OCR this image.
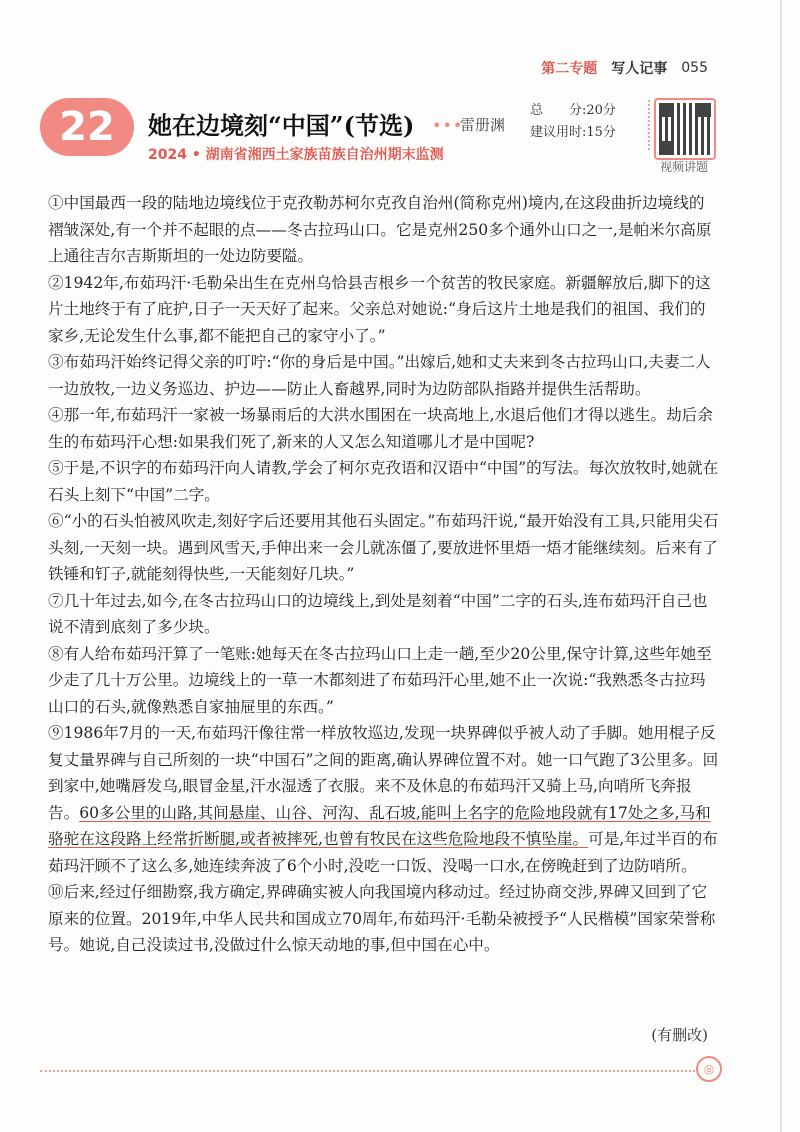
第二专题 写人记事 055
22	她在边境刻“中国”(节选) •••
雷册渊
2024 • 湖南省湘西土家族苗族自治州期末监测
总　　分:20分
建议用时:15分
视频讲题

①中国最西一段的陆地边境线位于克孜勒苏柯尔克孜自治州(简称克州)境内,在这段曲折边境线的褶皱深处,有一个并不起眼的点——冬古拉玛山口。它是克州250多个通外山口之一,是帕米尔高原上通往吉尔吉斯斯坦的一处边防要隘。

②1942年,布茹玛汗·毛勒朵出生在克州乌恰县吉根乡一个贫苦的牧民家庭。新疆解放后,脚下的这片土地终于有了庇护,日子一天天好了起来。父亲总对她说:“身后这片土地是我们的祖国、我们的家乡,无论发生什么事,都不能把自己的家守小了。”

③布茹玛汗始终记得父亲的叮咛:“你的身后是中国。”出嫁后,她和丈夫来到冬古拉玛山口,夫妻二人一边放牧,一边义务巡边、护边——防止人畜越界,同时为边防部队指路并提供生活帮助。

④那一年,布茹玛汗一家被一场暴雨后的大洪水围困在一块高地上,水退后他们才得以逃生。劫后余生的布茹玛汗心想:如果我们死了,新来的人又怎么知道哪儿才是中国呢?

⑤于是,不识字的布茹玛汗向人请教,学会了柯尔克孜语和汉语中“中国”的写法。每次放牧时,她就在石头上刻下“中国”二字。

⑥“小的石头怕被风吹走,刻好字后还要用其他石头固定。”布茹玛汗说,“最开始没有工具,只能用尖石头刻,一天刻一块。遇到风雪天,手伸出来一会儿就冻僵了,要放进怀里焐一焐才能继续刻。后来有了铁锤和钉子,就能刻得快些,一天能刻好几块。”

⑦几十年过去,如今,在冬古拉玛山口的边境线上,到处是刻着“中国”二字的石头,连布茹玛汗自己也说不清到底刻了多少块。

⑧有人给布茹玛汗算了一笔账:她每天在冬古拉玛山口上走一趟,至少20公里,保守计算,这些年她至少走了几十万公里。边境线上的一草一木都刻进了布茹玛汗心里,她不止一次说:“我熟悉冬古拉玛山口的石头,就像熟悉自家抽屉里的东西。”

⑨1986年7月的一天,布茹玛汗像往常一样放牧巡边,发现一块界碑似乎被人动了手脚。她用棍子反复丈量界碑与自己所刻的一块“中国石”之间的距离,确认界碑位置不对。她一口气跑了3公里多。回到家中,她嘴唇发乌,眼冒金星,汗水湿透了衣服。来不及休息的布茹玛汗又骑上马,向哨所飞奔报告。60多公里的山路,其间悬崖、山谷、河沟、乱石坡,能叫上名字的危险地段就有17处之多,马和骆驼在这段路上经常折断腿,或者被摔死,也曾有牧民在这些危险地段不慎坠崖。可是,年过半百的布茹玛汗顾不了这么多,她连续奔波了6个小时,没吃一口饭、没喝一口水,在傍晚赶到了边防哨所。

⑩后来,经过仔细勘察,我方确定,界碑确实被人向我国境内移动过。经过协商交涉,界碑又回到了它原来的位置。2019年,中华人民共和国成立70周年,布茹玛汗·毛勒朵被授予“人民楷模”国家荣誉称号。她说,自己没读过书,没做过什么惊天动地的事,但中国在心中。

(有删改)
◎
